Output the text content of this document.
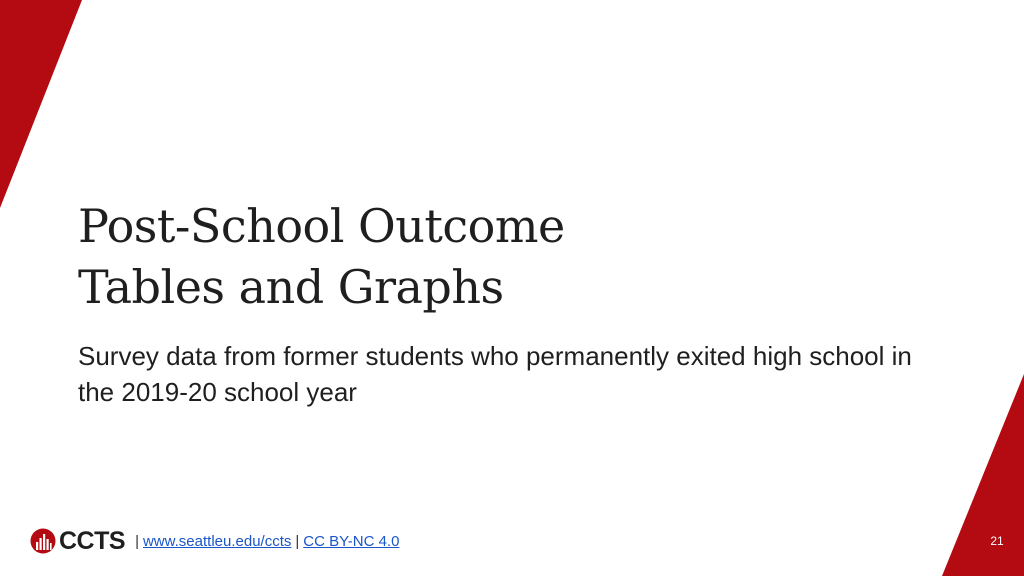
Post-School Outcome
Tables and Graphs

Survey data from former students who permanently exited high school in the 2019-20 school year

CCTS | www.seattleu.edu/ccts | CC BY-NC 4.0	21
